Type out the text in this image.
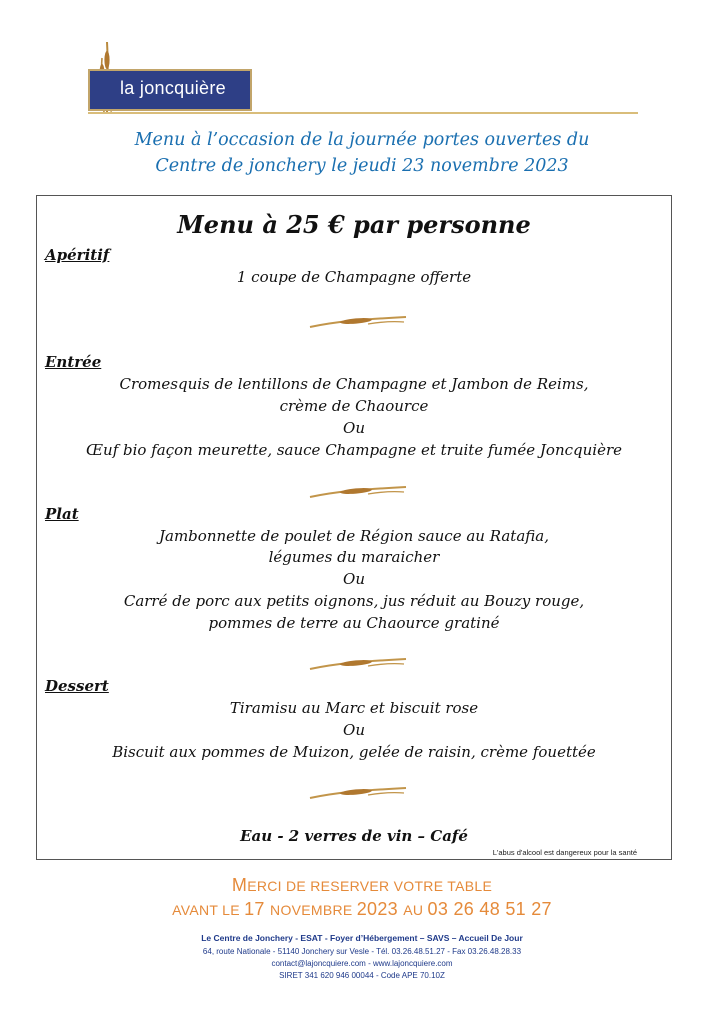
la joncquière
Menu à l’occasion de la journée portes ouvertes du
Centre de jonchery le jeudi 23 novembre 2023
Menu à 25 € par personne
Apéritif
1 coupe de Champagne offerte
Entrée
Cromesquis de lentillons de Champagne et Jambon de Reims,
crème de Chaource
Ou
Œuf bio façon meurette, sauce Champagne et truite fumée Joncquière
Plat
Jambonnette de poulet de Région sauce au Ratafia,
légumes du maraicher
Ou
Carré de porc aux petits oignons, jus réduit au Bouzy rouge,
pommes de terre au Chaource gratiné
Dessert
Tiramisu au Marc et biscuit rose
Ou
Biscuit aux pommes de Muizon, gelée de raisin, crème fouettée
Eau - 2 verres de vin – Café
L'abus d'alcool est dangereux pour la santé
MERCI DE RESERVER VOTRE TABLE
AVANT LE 17 NOVEMBRE 2023 AU 03 26 48 51 27
Le Centre de Jonchery - ESAT - Foyer d’Hébergement – SAVS – Accueil De Jour
64, route Nationale - 51140 Jonchery sur Vesle - Tél. 03.26.48.51.27 - Fax 03.26.48.28.33
contact@lajoncquiere.com - www.lajoncquiere.com
SIRET 341 620 946 00044 - Code APE 70.10Z
